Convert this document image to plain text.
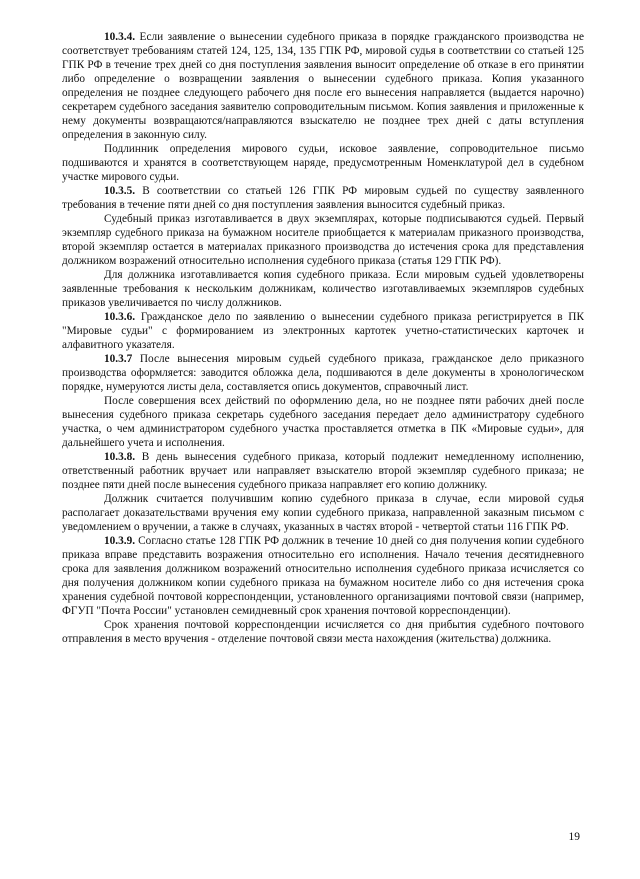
10.3.4. Если заявление о вынесении судебного приказа в порядке гражданского производства не соответствует требованиям статей 124, 125, 134, 135 ГПК РФ, мировой судья в соответствии со статьей 125 ГПК РФ в течение трех дней со дня поступления заявления выносит определение об отказе в его принятии либо определение о возвращении заявления о вынесении судебного приказа. Копия указанного определения не позднее следующего рабочего дня после его вынесения направляется (выдается нарочно) секретарем судебного заседания заявителю сопроводительным письмом. Копия заявления и приложенные к нему документы возвращаются/направляются взыскателю не позднее трех дней с даты вступления определения в законную силу.

Подлинник определения мирового судьи, исковое заявление, сопроводительное письмо подшиваются и хранятся в соответствующем наряде, предусмотренным Номенклатурой дел в судебном участке мирового судьи.

10.3.5. В соответствии со статьей 126 ГПК РФ мировым судьей по существу заявленного требования в течение пяти дней со дня поступления заявления выносится судебный приказ.

Судебный приказ изготавливается в двух экземплярах, которые подписываются судьей. Первый экземпляр судебного приказа на бумажном носителе приобщается к материалам приказного производства, второй экземпляр остается в материалах приказного производства до истечения срока для представления должником возражений относительно исполнения судебного приказа (статья 129 ГПК РФ).

Для должника изготавливается копия судебного приказа. Если мировым судьей удовлетворены заявленные требования к нескольким должникам, количество изготавливаемых экземпляров судебных приказов увеличивается по числу должников.

10.3.6. Гражданское дело по заявлению о вынесении судебного приказа регистрируется в ПК "Мировые судьи" с формированием из электронных картотек учетно-статистических карточек и алфавитного указателя.

10.3.7 После вынесения мировым судьей судебного приказа, гражданское дело приказного производства оформляется: заводится обложка дела, подшиваются в деле документы в хронологическом порядке, нумеруются листы дела, составляется опись документов, справочный лист.

После совершения всех действий по оформлению дела, но не позднее пяти рабочих дней после вынесения судебного приказа секретарь судебного заседания передает дело администратору судебного участка, о чем администратором судебного участка проставляется отметка в ПК «Мировые судьи», для дальнейшего учета и исполнения.

10.3.8. В день вынесения судебного приказа, который подлежит немедленному исполнению, ответственный работник вручает или направляет взыскателю второй экземпляр судебного приказа; не позднее пяти дней после вынесения судебного приказа направляет его копию должнику.

Должник считается получившим копию судебного приказа в случае, если мировой судья располагает доказательствами вручения ему копии судебного приказа, направленной заказным письмом с уведомлением о вручении, а также в случаях, указанных в частях второй - четвертой статьи 116 ГПК РФ.

10.3.9. Согласно статье 128 ГПК РФ должник в течение 10 дней со дня получения копии судебного приказа вправе представить возражения относительно его исполнения. Начало течения десятидневного срока для заявления должником возражений относительно исполнения судебного приказа исчисляется со дня получения должником копии судебного приказа на бумажном носителе либо со дня истечения срока хранения судебной почтовой корреспонденции, установленного организациями почтовой связи (например, ФГУП "Почта России" установлен семидневный срок хранения почтовой корреспонденции).

Срок хранения почтовой корреспонденции исчисляется со дня прибытия судебного почтового отправления в место вручения - отделение почтовой связи места нахождения (жительства) должника.

19
